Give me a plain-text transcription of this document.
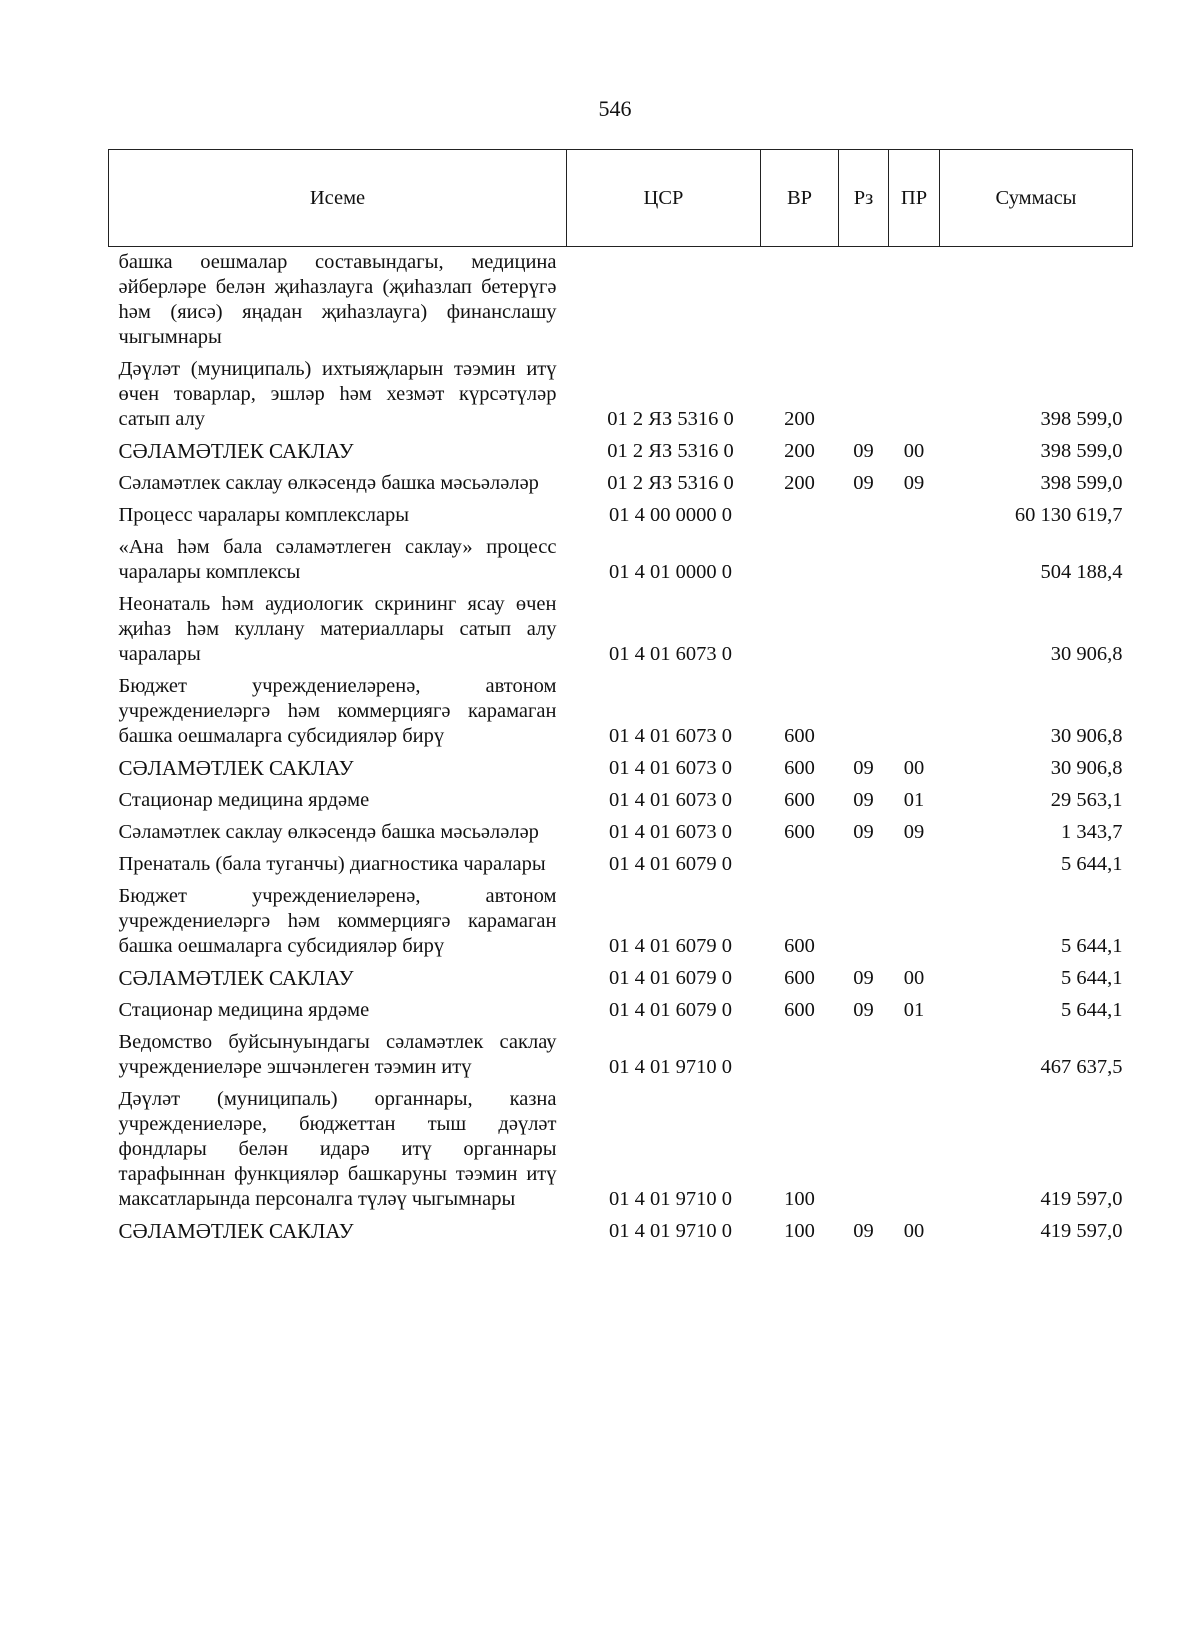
546
Исеме	ЦСР	ВР	Рз	ПР	Суммасы
башка оешмалар составындагы, медицина әйберләре белән җиһазлауга (җиһазлап бетерүгә һәм (яисә) яңадан җиһазлауга) финанслашу чыгымнары					
Дәүләт (муниципаль) ихтыяҗларын тәэмин итү өчен товарлар, эшләр һәм хезмәт күрсәтүләр сатып алу	01 2 ЯЗ 5316 0	200			398 599,0
СӘЛАМӘТЛЕК САКЛАУ	01 2 ЯЗ 5316 0	200	09	00	398 599,0
Сәламәтлек саклау өлкәсендә башка мәсьәләләр	01 2 ЯЗ 5316 0	200	09	09	398 599,0
Процесс чаралары комплекслары	01 4 00 0000 0				60 130 619,7
«Ана һәм бала сәламәтлеген саклау» процесс чаралары комплексы	01 4 01 0000 0				504 188,4
Неонаталь һәм аудиологик скрининг ясау өчен җиһаз һәм куллану материаллары сатып алу чаралары	01 4 01 6073 0				30 906,8
Бюджет учреждениеләренә, автоном учреждениеләргә һәм коммерциягә карамаган башка оешмаларга субсидияләр бирү	01 4 01 6073 0	600			30 906,8
СӘЛАМӘТЛЕК САКЛАУ	01 4 01 6073 0	600	09	00	30 906,8
Стационар медицина ярдәме	01 4 01 6073 0	600	09	01	29 563,1
Сәламәтлек саклау өлкәсендә башка мәсьәләләр	01 4 01 6073 0	600	09	09	1 343,7
Пренаталь (бала туганчы) диагностика чаралары	01 4 01 6079 0				5 644,1
Бюджет учреждениеләренә, автоном учреждениеләргә һәм коммерциягә карамаган башка оешмаларга субсидияләр бирү	01 4 01 6079 0	600			5 644,1
СӘЛАМӘТЛЕК САКЛАУ	01 4 01 6079 0	600	09	00	5 644,1
Стационар медицина ярдәме	01 4 01 6079 0	600	09	01	5 644,1
Ведомство буйсынуындагы сәламәтлек саклау учреждениеләре эшчәнлеген тәэмин итү	01 4 01 9710 0				467 637,5
Дәүләт (муниципаль) органнары, казна учреждениеләре, бюджеттан тыш дәүләт фондлары белән идарә итү органнары тарафыннан функцияләр башкаруны тәэмин итү максатларында персоналга түләү чыгымнары	01 4 01 9710 0	100			419 597,0
СӘЛАМӘТЛЕК САКЛАУ	01 4 01 9710 0	100	09	00	419 597,0
